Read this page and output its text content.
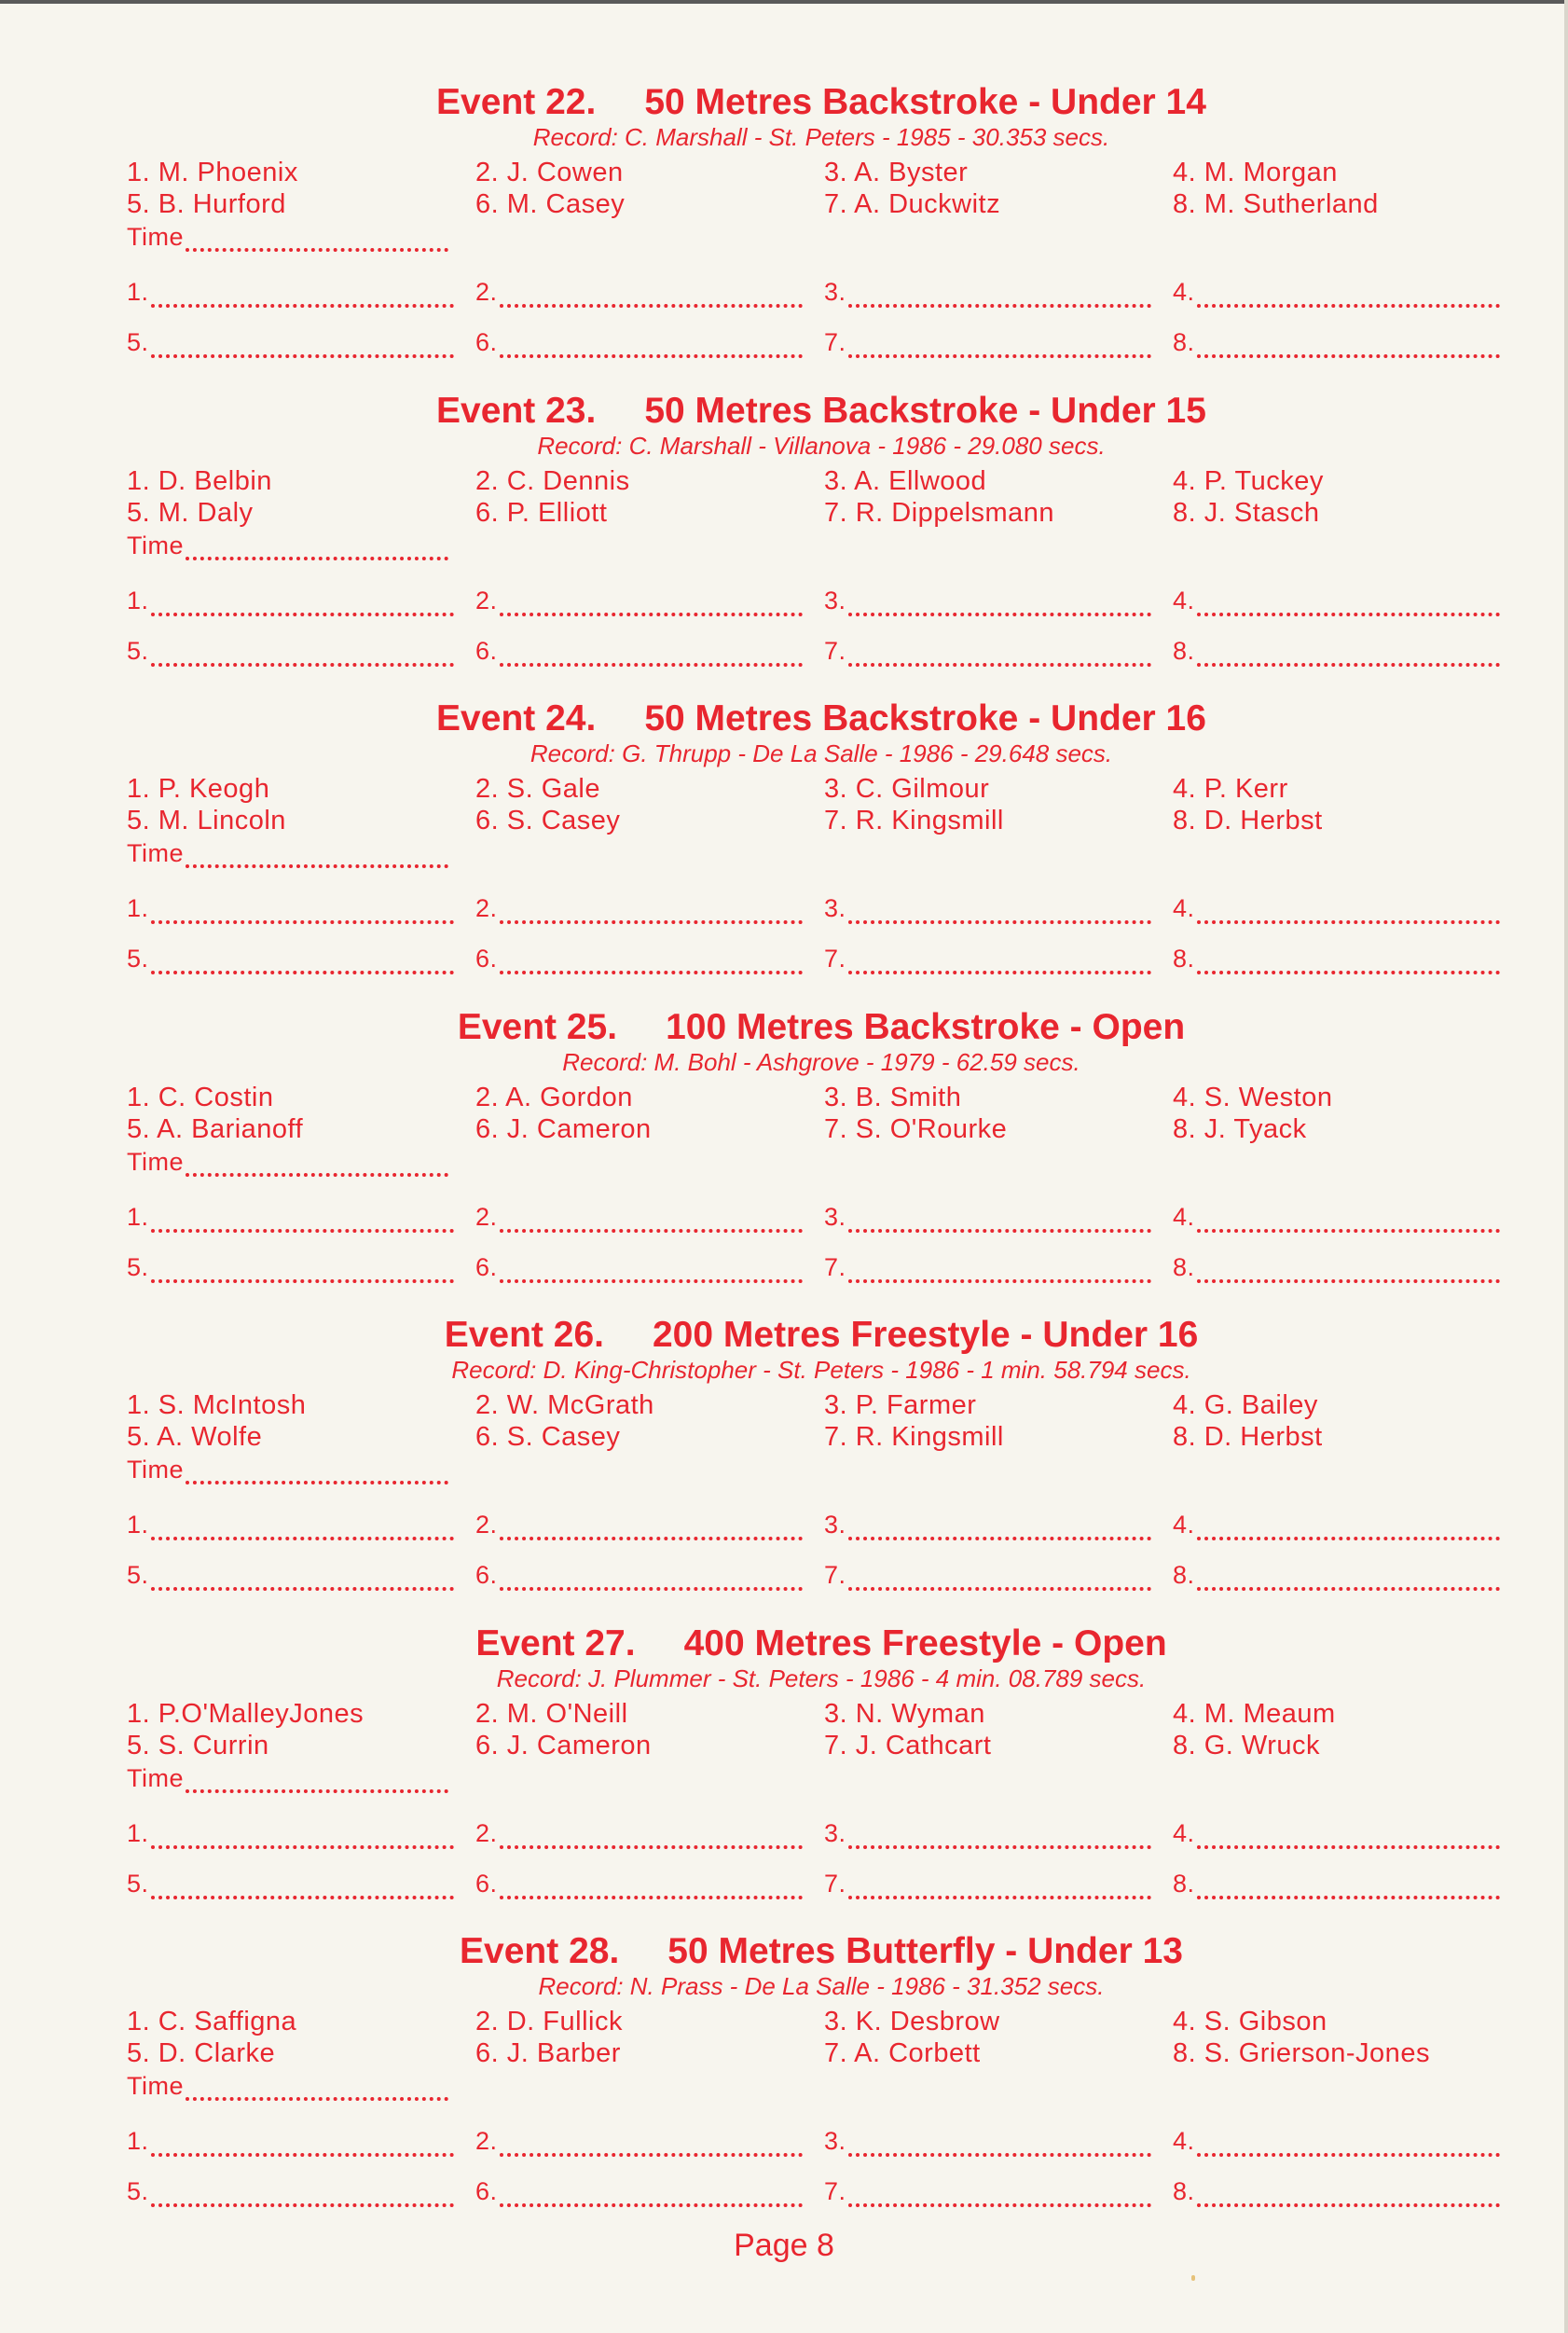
Event 22. 50 Metres Backstroke - Under 14
Record: C. Marshall - St. Peters - 1985 - 30.353 secs.
1. M. Phoenix	2. J. Cowen	3. A. Byster	4. M. Morgan
5. B. Hurford	6. M. Casey	7. A. Duckwitz	8. M. Sutherland
Time
1.	2.	3.	4.
5.	6.	7.	8.
Event 23. 50 Metres Backstroke - Under 15
Record: C. Marshall - Villanova - 1986 - 29.080 secs.
1. D. Belbin	2. C. Dennis	3. A. Ellwood	4. P. Tuckey
5. M. Daly	6. P. Elliott	7. R. Dippelsmann	8. J. Stasch
Time
1.	2.	3.	4.
5.	6.	7.	8.
Event 24. 50 Metres Backstroke - Under 16
Record: G. Thrupp - De La Salle - 1986 - 29.648 secs.
1. P. Keogh	2. S. Gale	3. C. Gilmour	4. P. Kerr
5. M. Lincoln	6. S. Casey	7. R. Kingsmill	8. D. Herbst
Time
1.	2.	3.	4.
5.	6.	7.	8.
Event 25. 100 Metres Backstroke - Open
Record: M. Bohl - Ashgrove - 1979 - 62.59 secs.
1. C. Costin	2. A. Gordon	3. B. Smith	4. S. Weston
5. A. Barianoff	6. J. Cameron	7. S. O'Rourke	8. J. Tyack
Time
1.	2.	3.	4.
5.	6.	7.	8.
Event 26. 200 Metres Freestyle - Under 16
Record: D. King-Christopher - St. Peters - 1986 - 1 min. 58.794 secs.
1. S. McIntosh	2. W. McGrath	3. P. Farmer	4. G. Bailey
5. A. Wolfe	6. S. Casey	7. R. Kingsmill	8. D. Herbst
Time
1.	2.	3.	4.
5.	6.	7.	8.
Event 27. 400 Metres Freestyle - Open
Record: J. Plummer - St. Peters - 1986 - 4 min. 08.789 secs.
1. P.O'MalleyJones	2. M. O'Neill	3. N. Wyman	4. M. Meaum
5. S. Currin	6. J. Cameron	7. J. Cathcart	8. G. Wruck
Time
1.	2.	3.	4.
5.	6.	7.	8.
Event 28. 50 Metres Butterfly - Under 13
Record: N. Prass - De La Salle - 1986 - 31.352 secs.
1. C. Saffigna	2. D. Fullick	3. K. Desbrow	4. S. Gibson
5. D. Clarke	6. J. Barber	7. A. Corbett	8. S. Grierson-Jones
Time
1.	2.	3.	4.
5.	6.	7.	8.
Page 8
